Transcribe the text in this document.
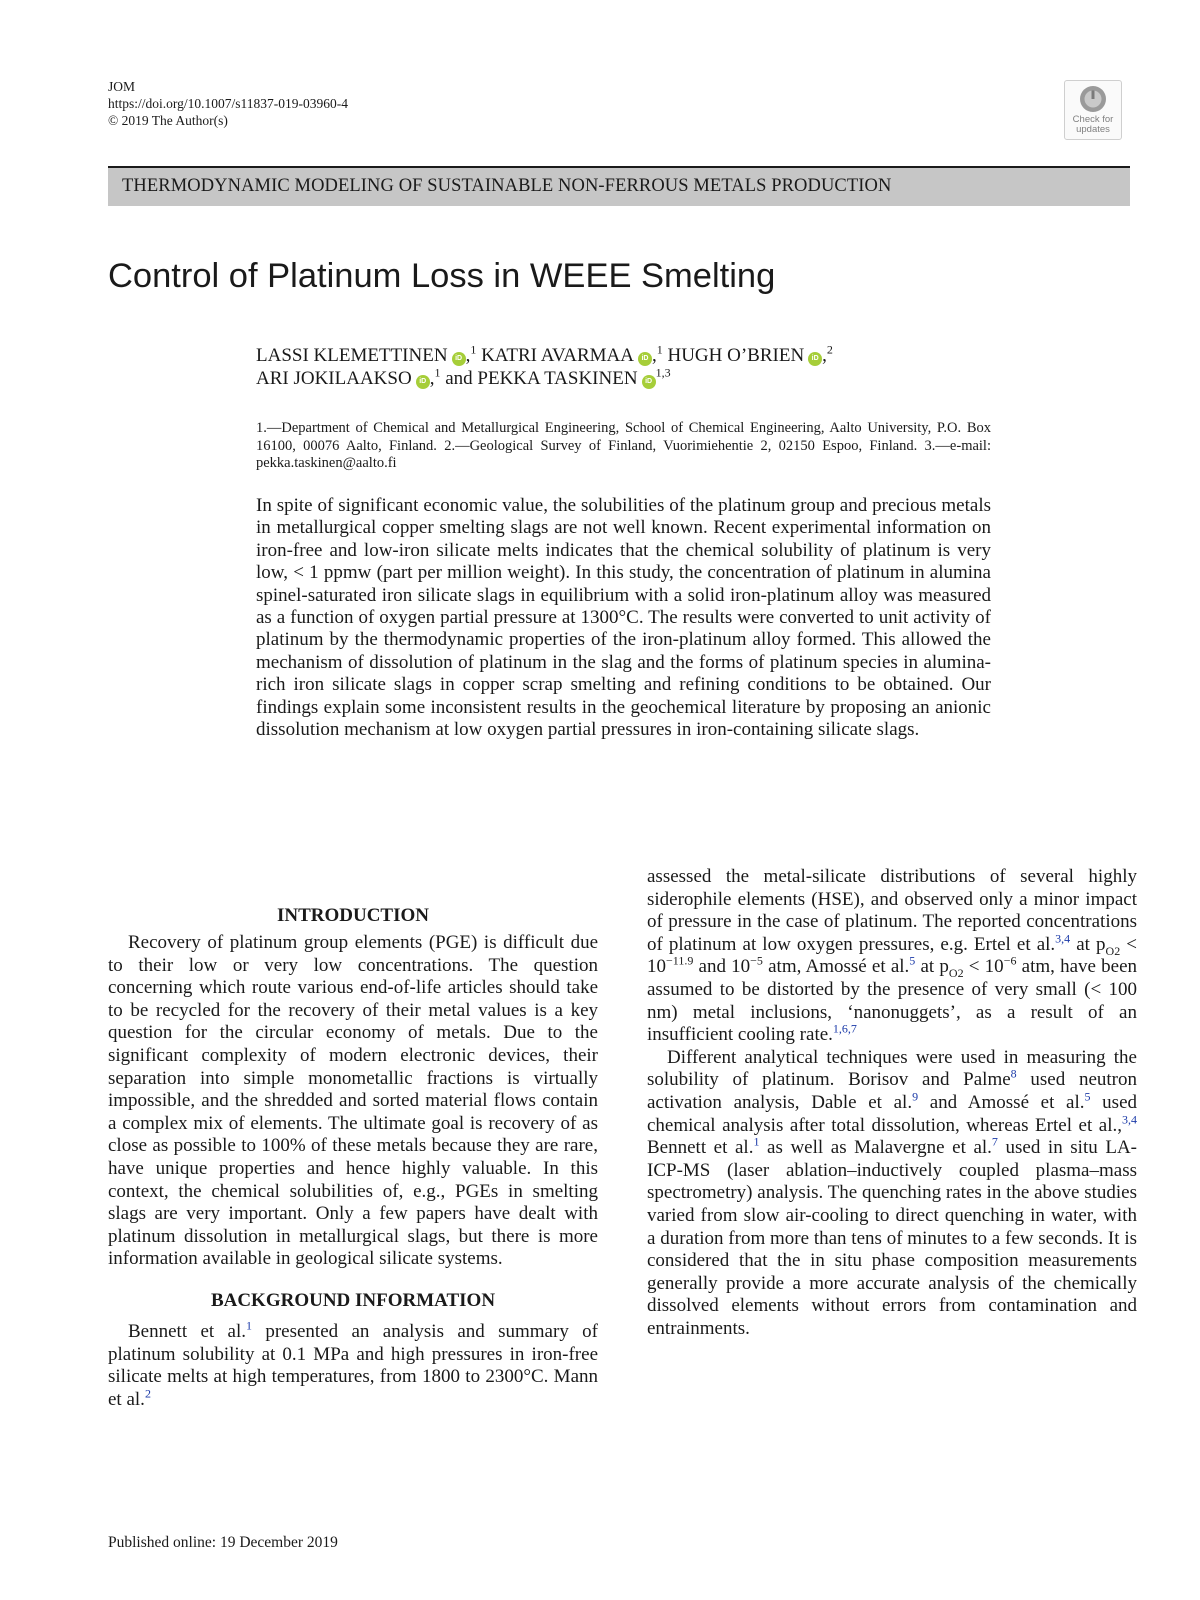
JOM
https://doi.org/10.1007/s11837-019-03960-4
© 2019 The Author(s)	Check for
updates
THERMODYNAMIC MODELING OF SUSTAINABLE NON-FERROUS METALS PRODUCTION
Control of Platinum Loss in WEEE Smelting
LASSI KLEMETTINEN iD ,$^1$ KATRI AVARMAA iD ,$^1$ HUGH O’BRIEN iD ,$^2$
ARI JOKILAAKSO iD ,$^1$ and PEKKA TASKINEN iD$^{1,3}$
1.—Department of Chemical and Metallurgical Engineering, School of Chemical Engineering, Aalto University, P.O. Box 16100, 00076 Aalto, Finland. 2.—Geological Survey of Finland, Vuorimiehentie 2, 02150 Espoo, Finland. 3.—e-mail: pekka.taskinen@aalto.fi
In spite of significant economic value, the solubilities of the platinum group and precious metals in metallurgical copper smelting slags are not well known. Recent experimental information on iron-free and low-iron silicate melts indicates that the chemical solubility of platinum is very low, < 1 ppmw (part per million weight). In this study, the concentration of platinum in alumina spinel-saturated iron silicate slags in equilibrium with a solid iron-platinum alloy was measured as a function of oxygen partial pressure at 1300°C. The results were converted to unit activity of platinum by the thermodynamic properties of the iron-platinum alloy formed. This allowed the mechanism of dissolution of platinum in the slag and the forms of platinum species in alumina-rich iron silicate slags in copper scrap smelting and refining conditions to be obtained. Our findings explain some inconsistent results in the geochemical literature by proposing an anionic dissolution mechanism at low oxygen partial pressures in iron-containing silicate slags.
INTRODUCTION

Recovery of platinum group elements (PGE) is difficult due to their low or very low concentrations. The question concerning which route various end-of-life articles should take to be recycled for the recovery of their metal values is a key question for the circular economy of metals. Due to the significant complexity of modern electronic devices, their separation into simple monometallic fractions is virtually impossible, and the shredded and sorted material flows contain a complex mix of elements. The ultimate goal is recovery of as close as possible to 100% of these metals because they are rare, have unique properties and hence highly valuable. In this context, the chemical solubilities of, e.g., PGEs in smelting slags are very important. Only a few papers have dealt with platinum dissolution in metallurgical slags, but there is more information available in geological silicate systems.

BACKGROUND INFORMATION

Bennett et al.$^1$ presented an analysis and summary of platinum solubility at 0.1 MPa and high pressures in iron-free silicate melts at high temperatures, from 1800 to 2300°C. Mann et al.$^2$

assessed the metal-silicate distributions of several highly siderophile elements (HSE), and observed only a minor impact of pressure in the case of platinum. The reported concentrations of platinum at low oxygen pressures, e.g. Ertel et al.$^{3,4}$ at $p_{O2} < 10^{-11.9}$ and $10^{-5}$ atm, Amossé et al.$^5$ at $p_{O2} < 10^{-6}$ atm, have been assumed to be distorted by the presence of very small (< 100 nm) metal inclusions, ‘nanonuggets’, as a result of an insufficient cooling rate.$^{1,6,7}$

Different analytical techniques were used in measuring the solubility of platinum. Borisov and Palme$^8$ used neutron activation analysis, Dable et al.$^9$ and Amossé et al.$^5$ used chemical analysis after total dissolution, whereas Ertel et al.,$^{3,4}$ Bennett et al.$^1$ as well as Malavergne et al.$^7$ used in situ LA-ICP-MS (laser ablation–inductively coupled plasma–mass spectrometry) analysis. The quenching rates in the above studies varied from slow air-cooling to direct quenching in water, with a duration from more than tens of minutes to a few seconds. It is considered that the in situ phase composition measurements generally provide a more accurate analysis of the chemically dissolved elements without errors from contamination and entrainments.

Published online: 19 December 2019
